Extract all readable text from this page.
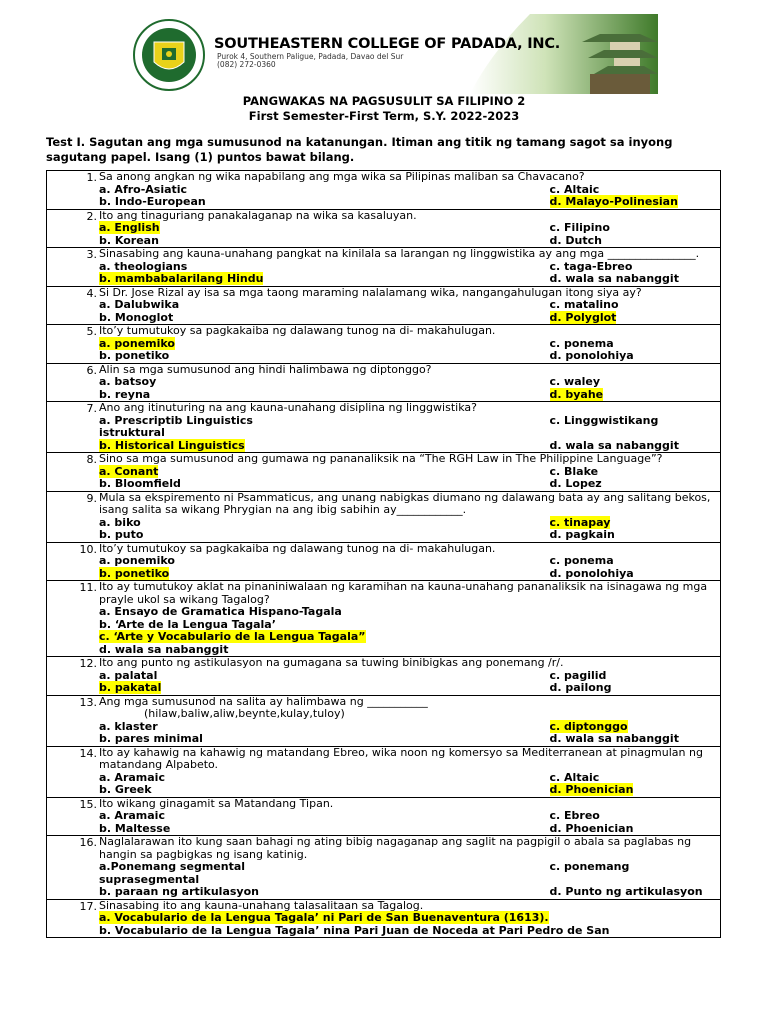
SOUTHEASTERN COLLEGE OF PADADA, INC.
Purok 4, Southern Paligue, Padada, Davao del Sur
(082) 272-0360
PANGWAKAS NA PAGSUSULIT SA FILIPINO 2
First Semester-First Term, S.Y. 2022-2023
Test I. Sagutan ang mga sumusunod na katanungan. Itiman ang titik ng tamang sagot sa inyong sagutang papel. Isang (1) puntos bawat bilang.
1. Sa anong angkan ng wika napabilang ang mga wika sa Pilipinas maliban sa Chavacano?
a. Afro-Asiatic	c. Altaic
b. Indo-European	d. Malayo-Polinesian

2. Ito ang tinaguriang panakalaganap na wika sa kasaluyan.
a. English	c. Filipino
b. Korean	d. Dutch

3. Sinasabing ang kauna-unahang pangkat na kinilala sa larangan ng linggwistika ay ang mga ________________.
a. theologians	c. taga-Ebreo
b. mambabalarilang Hindu	d. wala sa nabanggit

4. Si Dr. Jose Rizal ay isa sa mga taong maraming nalalamang wika, nangangahulugan itong siya ay?
a. Dalubwika	c. matalino
b. Monoglot	d. Polyglot

5. Ito’y tumutukoy sa pagkakaiba ng dalawang tunog na di- makahulugan.
a. ponemiko	c. ponema
b. ponetiko	d. ponolohiya

6. Alin sa mga sumusunod ang hindi halimbawa ng diptonggo?
a. batsoy	c. waley
b. reyna	d. byahe

7. Ano ang itinuturing na ang kauna-unahang disiplina ng linggwistika?
a. Prescriptib Linguistics	c. Linggwistikang
istruktural
b. Historical Linguistics	d. wala sa nabanggit

8. Sino sa mga sumusunod ang gumawa ng pananaliksik na “The RGH Law in The Philippine Language”?
a. Conant	c. Blake
b. Bloomfield	d. Lopez

9. Mula sa ekspiremento ni Psammaticus, ang unang nabigkas diumano ng dalawang bata ay ang salitang bekos, isang salita sa wikang Phrygian na ang ibig sabihin ay____________.
a. biko	c. tinapay
b. puto	d. pagkain

10. Ito’y tumutukoy sa pagkakaiba ng dalawang tunog na di- makahulugan.
a. ponemiko	c. ponema
b. ponetiko	d. ponolohiya

11. Ito ay tumutukoy aklat na pinaniniwalaan ng karamihan na kauna-unahang pananaliksik na isinagawa ng mga prayle ukol sa wikang Tagalog?
a. Ensayo de Gramatica Hispano-Tagala
b. ‘Arte de la Lengua Tagala’
c. ‘Arte y Vocabulario de la Lengua Tagala”
d. wala sa nabanggit

12. Ito ang punto ng astikulasyon na gumagana sa tuwing binibigkas ang ponemang /r/.
a. palatal	c. pagilid
b. pakatal	d. pailong

13. Ang mga sumusunod na salita ay halimbawa ng ___________
(hilaw,baliw,aliw,beynte,kulay,tuloy)
a. klaster	c. diptonggo
b. pares minimal	d. wala sa nabanggit

14. Ito ay kahawig na kahawig ng matandang Ebreo, wika noon ng komersyo sa Mediterranean at pinagmulan ng matandang Alpabeto.
a. Aramaic	c. Altaic
b. Greek	d. Phoenician

15. Ito wikang ginagamit sa Matandang Tipan.
a. Aramaic	c. Ebreo
b. Maltesse	d. Phoenician

16. Naglalarawan ito kung saan bahagi ng ating bibig nagaganap ang saglit na pagpigil o abala sa paglabas ng hangin sa pagbigkas ng isang katinig.
a.Ponemang segmental	c. ponemang
suprasegmental
b. paraan ng artikulasyon	d. Punto ng artikulasyon

17. Sinasabing ito ang kauna-unahang talasalitaan sa Tagalog.
a. Vocabulario de la Lengua Tagala’ ni Pari de San Buenaventura (1613).
b. Vocabulario de la Lengua Tagala’ nina Pari Juan de Noceda at Pari Pedro de San
